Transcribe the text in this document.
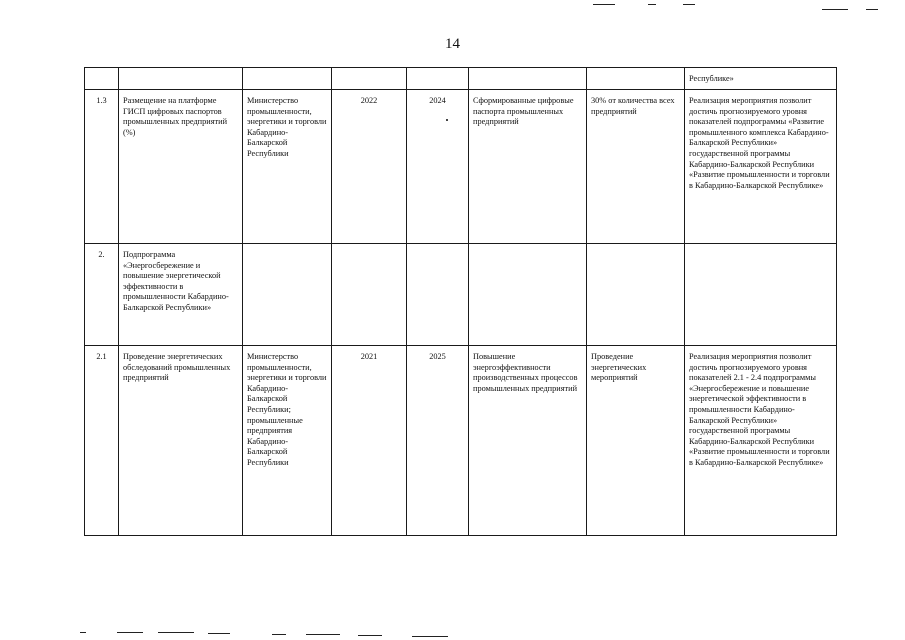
14
							Республике»
1.3	Размещение на платформе ГИСП цифровых паспортов промышленных предприятий (%)	Министерство промышленности, энергетики и торговли Кабардино-Балкарской Республики	2022	2024	Сформированные цифровые паспорта промышленных предприятий	30% от количества всех предприятий	Реализация мероприятия позволит достичь прогнозируемого уровня показателей подпрограммы «Развитие промышленного комплекса Кабардино-Балкарской Республики» государственной программы Кабардино-Балкарской Республики «Развитие промышленности и торговли в Кабардино-Балкарской Республике»
2.	Подпрограмма «Энергосбережение и повышение энергетической эффективности в промышленности Кабардино-Балкарской Республики»						
2.1	Проведение энергетических обследований промышленных предприятий	Министерство промышленности, энергетики и торговли Кабардино-Балкарской Республики; промышленные предприятия Кабардино-Балкарской Республики	2021	2025	Повышение энергоэффективности производственных процессов промышленных предприятий	Проведение энергетических мероприятий	Реализация мероприятия позволит достичь прогнозируемого уровня показателей 2.1 - 2.4 подпрограммы «Энергосбережение и повышение энергетической эффективности в промышленности Кабардино-Балкарской Республики» государственной программы Кабардино-Балкарской Республики «Развитие промышленности и торговли в Кабардино-Балкарской Республике»
